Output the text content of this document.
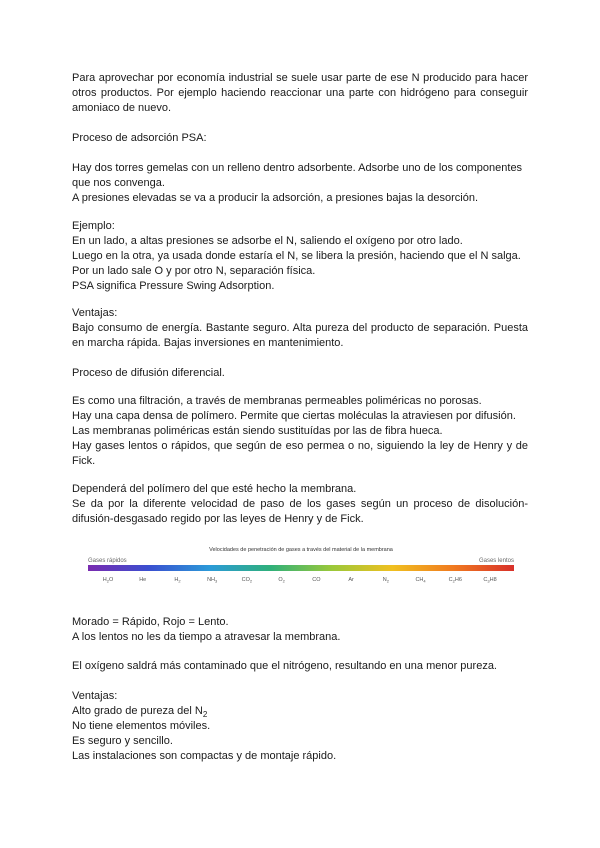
Para aprovechar por economía industrial se suele usar parte de ese N producido para hacer otros productos. Por ejemplo haciendo reaccionar una parte con hidrógeno para conseguir amoniaco de nuevo.

Proceso de adsorción PSA:

Hay dos torres gemelas con un relleno dentro adsorbente. Adsorbe uno de los componentes
que nos convenga.
A presiones elevadas se va a producir la adsorción, a presiones bajas la desorción.

Ejemplo:

En un lado, a altas presiones se adsorbe el N, saliendo el oxígeno por otro lado.
Luego en la otra, ya usada donde estaría el N, se libera la presión, haciendo que el N salga.
Por un lado sale O y por otro N, separación física.
PSA significa Pressure Swing Adsorption.

Ventajas:

Bajo consumo de energía. Bastante seguro. Alta pureza del producto de separación. Puesta en marcha rápida. Bajas inversiones en mantenimiento.

Proceso de difusión diferencial.

Es como una filtración, a través de membranas permeables poliméricas no porosas.
Hay una capa densa de polímero. Permite que ciertas moléculas la atraviesen por difusión.
Las membranas poliméricas están siendo sustituídas por las de fibra hueca.
Hay gases lentos o rápidos, que según de eso permea o no, siguiendo la ley de Henry y de Fick.

Dependerá del polímero del que esté hecho la membrana.
Se da por la diferente velocidad de paso de los gases según un proceso de disolución-difusión-desgasado regido por las leyes de Henry y de Fick.

Velocidades de penetración de gases a través del material de la membrana
Gases rápidos	Gases lentos
$H_2O$	He	$H_2$	$NH_3$	$CO_2$	$O_2$	CO	Ar	$N_2$	$CH_4$	$C_2H6$	$C_3H8$

Morado = Rápido, Rojo = Lento.
A los lentos no les da tiempo a atravesar la membrana.

El oxígeno saldrá más contaminado que el nitrógeno, resultando en una menor pureza.

Ventajas:

Alto grado de pureza del $N_2$
No tiene elementos móviles.
Es seguro y sencillo.
Las instalaciones son compactas y de montaje rápido.
